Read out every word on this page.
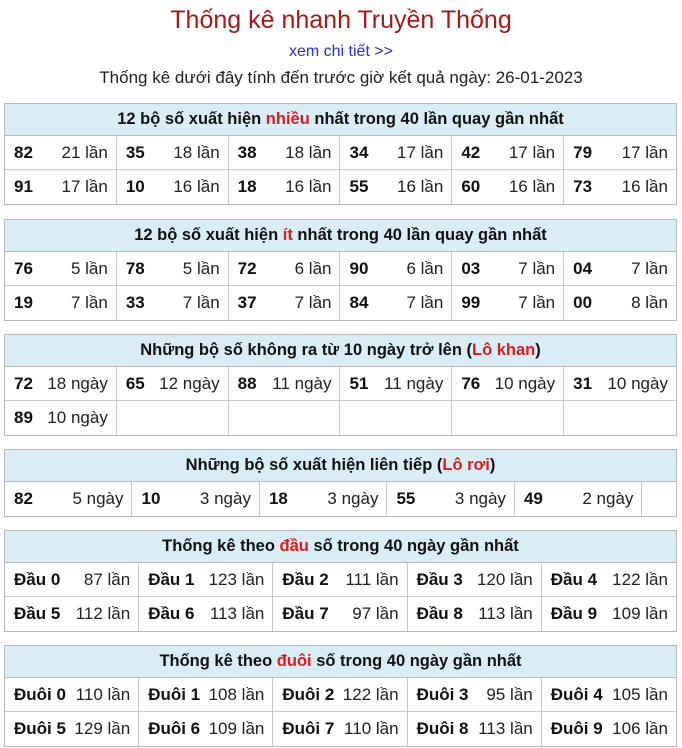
Thống kê nhanh Truyền Thống
xem chi tiết >>
Thống kê dưới đây tính đến trước giờ kết quả ngày: 26-01-2023
12 bộ số xuất hiện nhiều nhất trong 40 lần quay gần nhất
82 21 lần 35 18 lần 38 18 lần 34 17 lần 42 17 lần 79 17 lần
91 17 lần 10 16 lần 18 16 lần 55 16 lần 60 16 lần 73 16 lần
12 bộ số xuất hiện ít nhất trong 40 lần quay gần nhất
76 5 lần 78 5 lần 72 6 lần 90 6 lần 03 7 lần 04 7 lần
19 7 lần 33 7 lần 37 7 lần 84 7 lần 99 7 lần 00 8 lần
Những bộ số không ra từ 10 ngày trở lên (Lô khan)
72 18 ngày 65 12 ngày 88 11 ngày 51 11 ngày 76 10 ngày 31 10 ngày
89 10 ngày
Những bộ số xuất hiện liên tiếp (Lô rơi)
82 5 ngày 10 3 ngày 18 3 ngày 55 3 ngày 49 2 ngày
Thống kê theo đầu số trong 40 ngày gần nhất
Đầu 0 87 lần Đầu 1 123 lần Đầu 2 111 lần Đầu 3 120 lần Đầu 4 122 lần
Đầu 5 112 lần Đầu 6 113 lần Đầu 7 97 lần Đầu 8 113 lần Đầu 9 109 lần
Thống kê theo đuôi số trong 40 ngày gần nhất
Đuôi 0 110 lần Đuôi 1 108 lần Đuôi 2 122 lần Đuôi 3 95 lần Đuôi 4 105 lần
Đuôi 5 129 lần Đuôi 6 109 lần Đuôi 7 110 lần Đuôi 8 113 lần Đuôi 9 106 lần
